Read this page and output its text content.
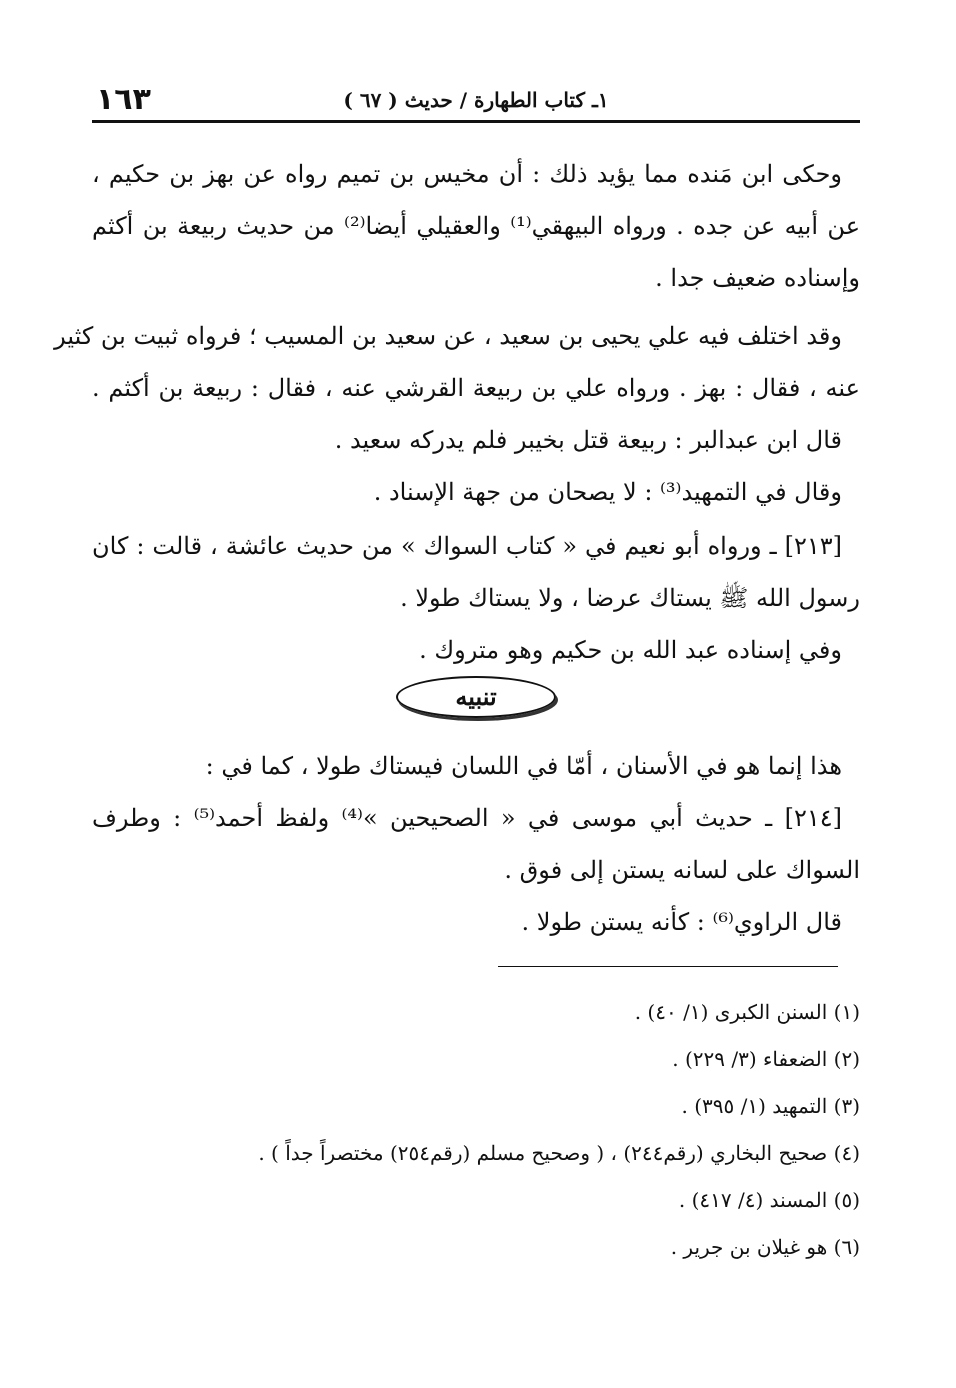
١٦٣	١ـ كتاب الطهارة / حديث ( ٦٧ )
وحكى ابن مَنده مما يؤيد ذلك : أن مخيس بن تميم رواه عن بهز بن حكيم ،
عن أبيه عن جده . ورواه البيهقي⁽¹⁾ والعقيلي أيضا⁽²⁾ من حديث ربيعة بن أكثم
وإسناده ضعيف جدا .
وقد اختلف فيه علي يحيى بن سعيد ، عن سعيد بن المسيب ؛ فرواه ثبيت بن كثير
عنه ، فقال : بهز . ورواه علي بن ربيعة القرشي عنه ، فقال : ربيعة بن أكثم .
قال ابن عبدالبر : ربيعة قتل بخيبر فلم يدركه سعيد .
وقال في التمهيد⁽³⁾ : لا يصحان من جهة الإسناد .
[٢١٣] ـ ورواه أبو نعيم في « كتاب السواك » من حديث عائشة ، قالت : كان
رسول الله ﷺ يستاك عرضا ، ولا يستاك طولا .
وفي إسناده عبد الله بن حكيم وهو متروك .
تنبيه
هذا إنما هو في الأسنان ، أمّا في اللسان فيستاك طولا ، كما في :
[٢١٤] ـ حديث أبي موسى في « الصحيحين »⁽⁴⁾ ولفظ أحمد⁽⁵⁾ : وطرف
السواك على لسانه يستن إلى فوق .
قال الراوي⁽⁶⁾ : كأنه يستن طولا .
(١) السنن الكبرى (١/ ٤٠) .
(٢) الضعفاء (٣/ ٢٢٩) .
(٣) التمهيد (١/ ٣٩٥) .
(٤) صحيح البخاري (رقم٢٤٤) ، ( وصحيح مسلم (رقم٢٥٤) مختصراً جداً ) .
(٥) المسند (٤/ ٤١٧) .
(٦) هو غيلان بن جرير .
